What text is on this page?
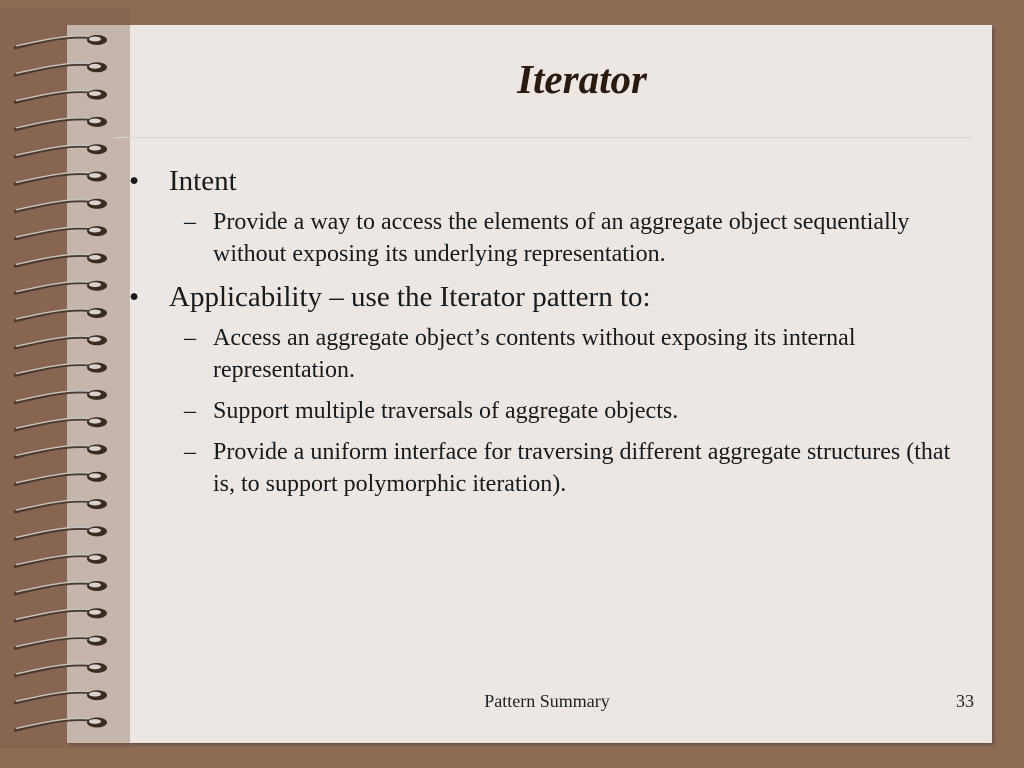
Iterator
• Intent
– Provide a way to access the elements of an aggregate object sequentially without exposing its underlying representation.
• Applicability – use the Iterator pattern to:
– Access an aggregate object’s contents without exposing its internal representation.
– Support multiple traversals of aggregate objects.
– Provide a uniform interface for traversing different aggregate structures (that is, to support polymorphic iteration).
Pattern Summary	33
